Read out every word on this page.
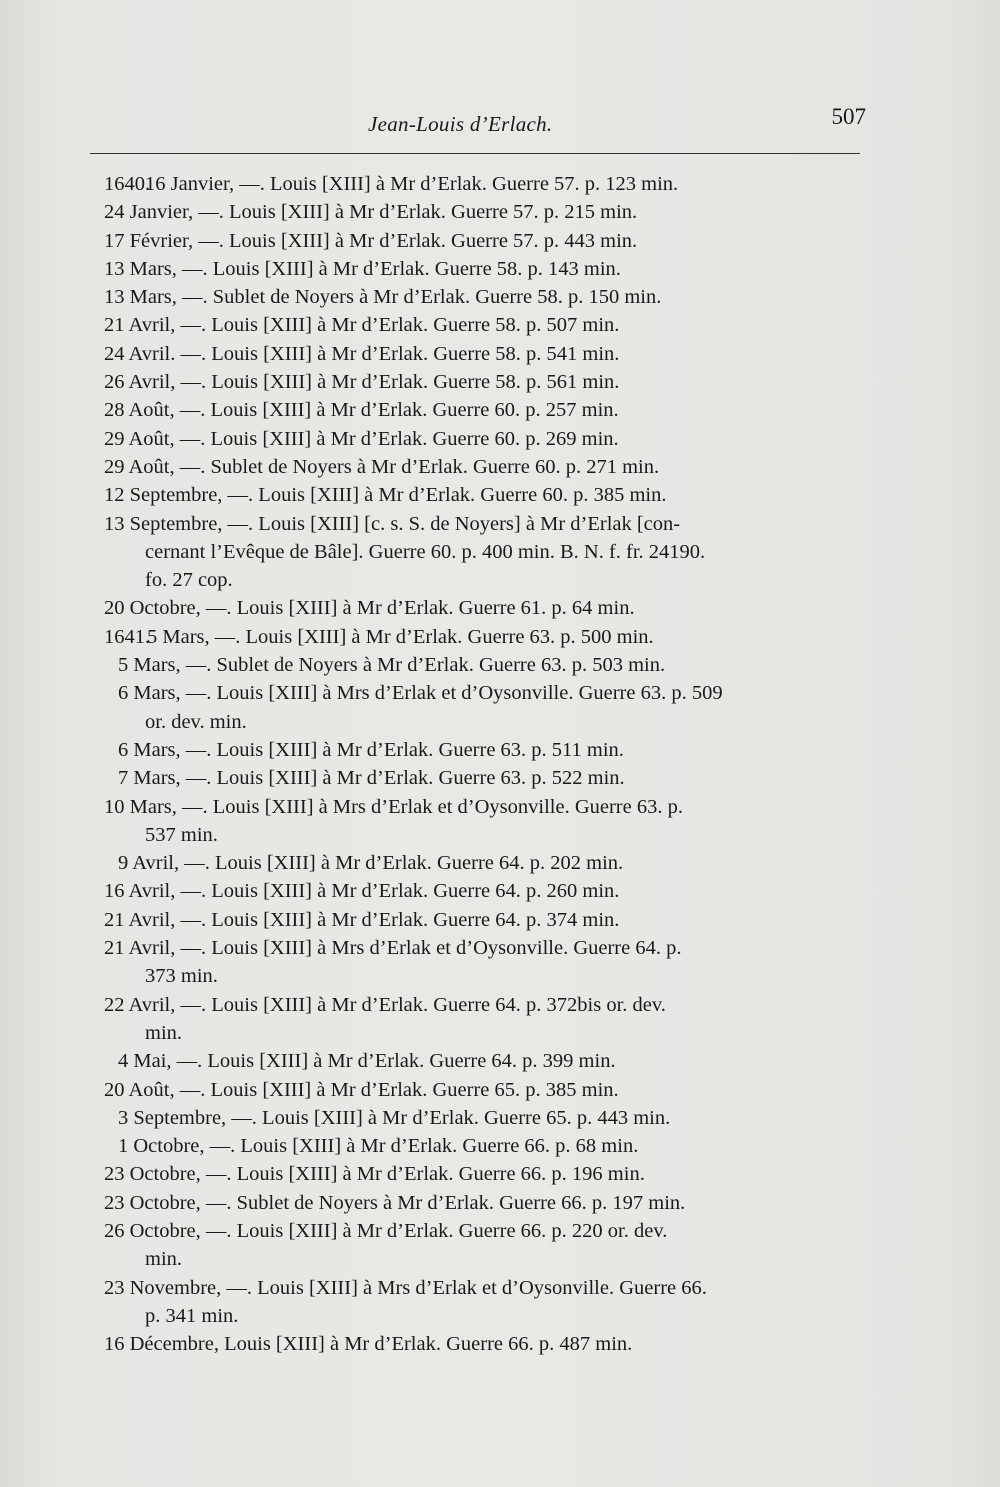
Jean-Louis d’Erlach.	507
1640.
16 Janvier, —. Louis [XIII] à Mr d’Erlak. Guerre 57. p. 123 min.
24 Janvier, —. Louis [XIII] à Mr d’Erlak. Guerre 57. p. 215 min.
17 Février, —. Louis [XIII] à Mr d’Erlak. Guerre 57. p. 443 min.
13 Mars, —. Louis [XIII] à Mr d’Erlak. Guerre 58. p. 143 min.
13 Mars, —. Sublet de Noyers à Mr d’Erlak. Guerre 58. p. 150 min.
21 Avril, —. Louis [XIII] à Mr d’Erlak. Guerre 58. p. 507 min.
24 Avril. —. Louis [XIII] à Mr d’Erlak. Guerre 58. p. 541 min.
26 Avril, —. Louis [XIII] à Mr d’Erlak. Guerre 58. p. 561 min.
28 Août, —. Louis [XIII] à Mr d’Erlak. Guerre 60. p. 257 min.
29 Août, —. Louis [XIII] à Mr d’Erlak. Guerre 60. p. 269 min.
29 Août, —. Sublet de Noyers à Mr d’Erlak. Guerre 60. p. 271 min.
12 Septembre, —. Louis [XIII] à Mr d’Erlak. Guerre 60. p. 385 min.
13 Septembre, —. Louis [XIII] [c. s. S. de Noyers] à Mr d’Erlak [con-
cernant l’Evêque de Bâle]. Guerre 60. p. 400 min. B. N. f. fr. 24190.
fo. 27 cop.
20 Octobre, —. Louis [XIII] à Mr d’Erlak. Guerre 61. p. 64 min.
1641.
5 Mars, —. Louis [XIII] à Mr d’Erlak. Guerre 63. p. 500 min.
5 Mars, —. Sublet de Noyers à Mr d’Erlak. Guerre 63. p. 503 min.
6 Mars, —. Louis [XIII] à Mrs d’Erlak et d’Oysonville. Guerre 63. p. 509
or. dev. min.
6 Mars, —. Louis [XIII] à Mr d’Erlak. Guerre 63. p. 511 min.
7 Mars, —. Louis [XIII] à Mr d’Erlak. Guerre 63. p. 522 min.
10 Mars, —. Louis [XIII] à Mrs d’Erlak et d’Oysonville. Guerre 63. p.
537 min.
9 Avril, —. Louis [XIII] à Mr d’Erlak. Guerre 64. p. 202 min.
16 Avril, —. Louis [XIII] à Mr d’Erlak. Guerre 64. p. 260 min.
21 Avril, —. Louis [XIII] à Mr d’Erlak. Guerre 64. p. 374 min.
21 Avril, —. Louis [XIII] à Mrs d’Erlak et d’Oysonville. Guerre 64. p.
373 min.
22 Avril, —. Louis [XIII] à Mr d’Erlak. Guerre 64. p. 372bis or. dev.
min.
4 Mai, —. Louis [XIII] à Mr d’Erlak. Guerre 64. p. 399 min.
20 Août, —. Louis [XIII] à Mr d’Erlak. Guerre 65. p. 385 min.
3 Septembre, —. Louis [XIII] à Mr d’Erlak. Guerre 65. p. 443 min.
1 Octobre, —. Louis [XIII] à Mr d’Erlak. Guerre 66. p. 68 min.
23 Octobre, —. Louis [XIII] à Mr d’Erlak. Guerre 66. p. 196 min.
23 Octobre, —. Sublet de Noyers à Mr d’Erlak. Guerre 66. p. 197 min.
26 Octobre, —. Louis [XIII] à Mr d’Erlak. Guerre 66. p. 220 or. dev.
min.
23 Novembre, —. Louis [XIII] à Mrs d’Erlak et d’Oysonville. Guerre 66.
p. 341 min.
16 Décembre, Louis [XIII] à Mr d’Erlak. Guerre 66. p. 487 min.
